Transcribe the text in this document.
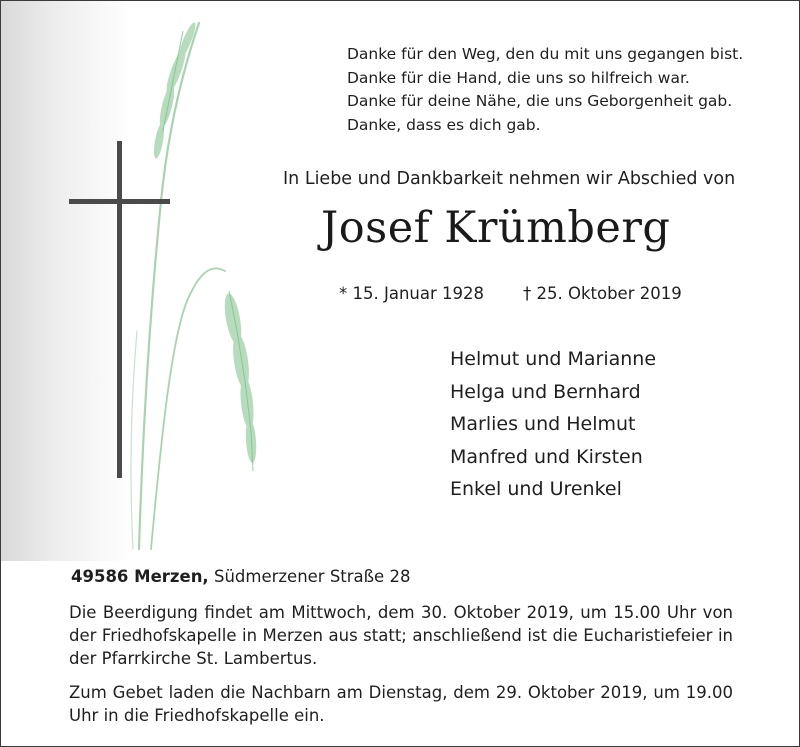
Danke für den Weg, den du mit uns gegangen bist.
Danke für die Hand, die uns so hilfreich war.
Danke für deine Nähe, die uns Geborgenheit gab.
Danke, dass es dich gab.
In Liebe und Dankbarkeit nehmen wir Abschied von
Josef Krümberg
* 15. Januar 1928 † 25. Oktober 2019
Helmut und Marianne
Helga und Bernhard
Marlies und Helmut
Manfred und Kirsten
Enkel und Urenkel
49586 Merzen, Südmerzener Straße 28

Die Beerdigung findet am Mittwoch, dem 30. Oktober 2019, um 15.00 Uhr von der Friedhofskapelle in Merzen aus statt; anschließend ist die Eucharistiefeier in der Pfarrkirche St. Lambertus.

Zum Gebet laden die Nachbarn am Dienstag, dem 29. Oktober 2019, um 19.00 Uhr in die Friedhofskapelle ein.
